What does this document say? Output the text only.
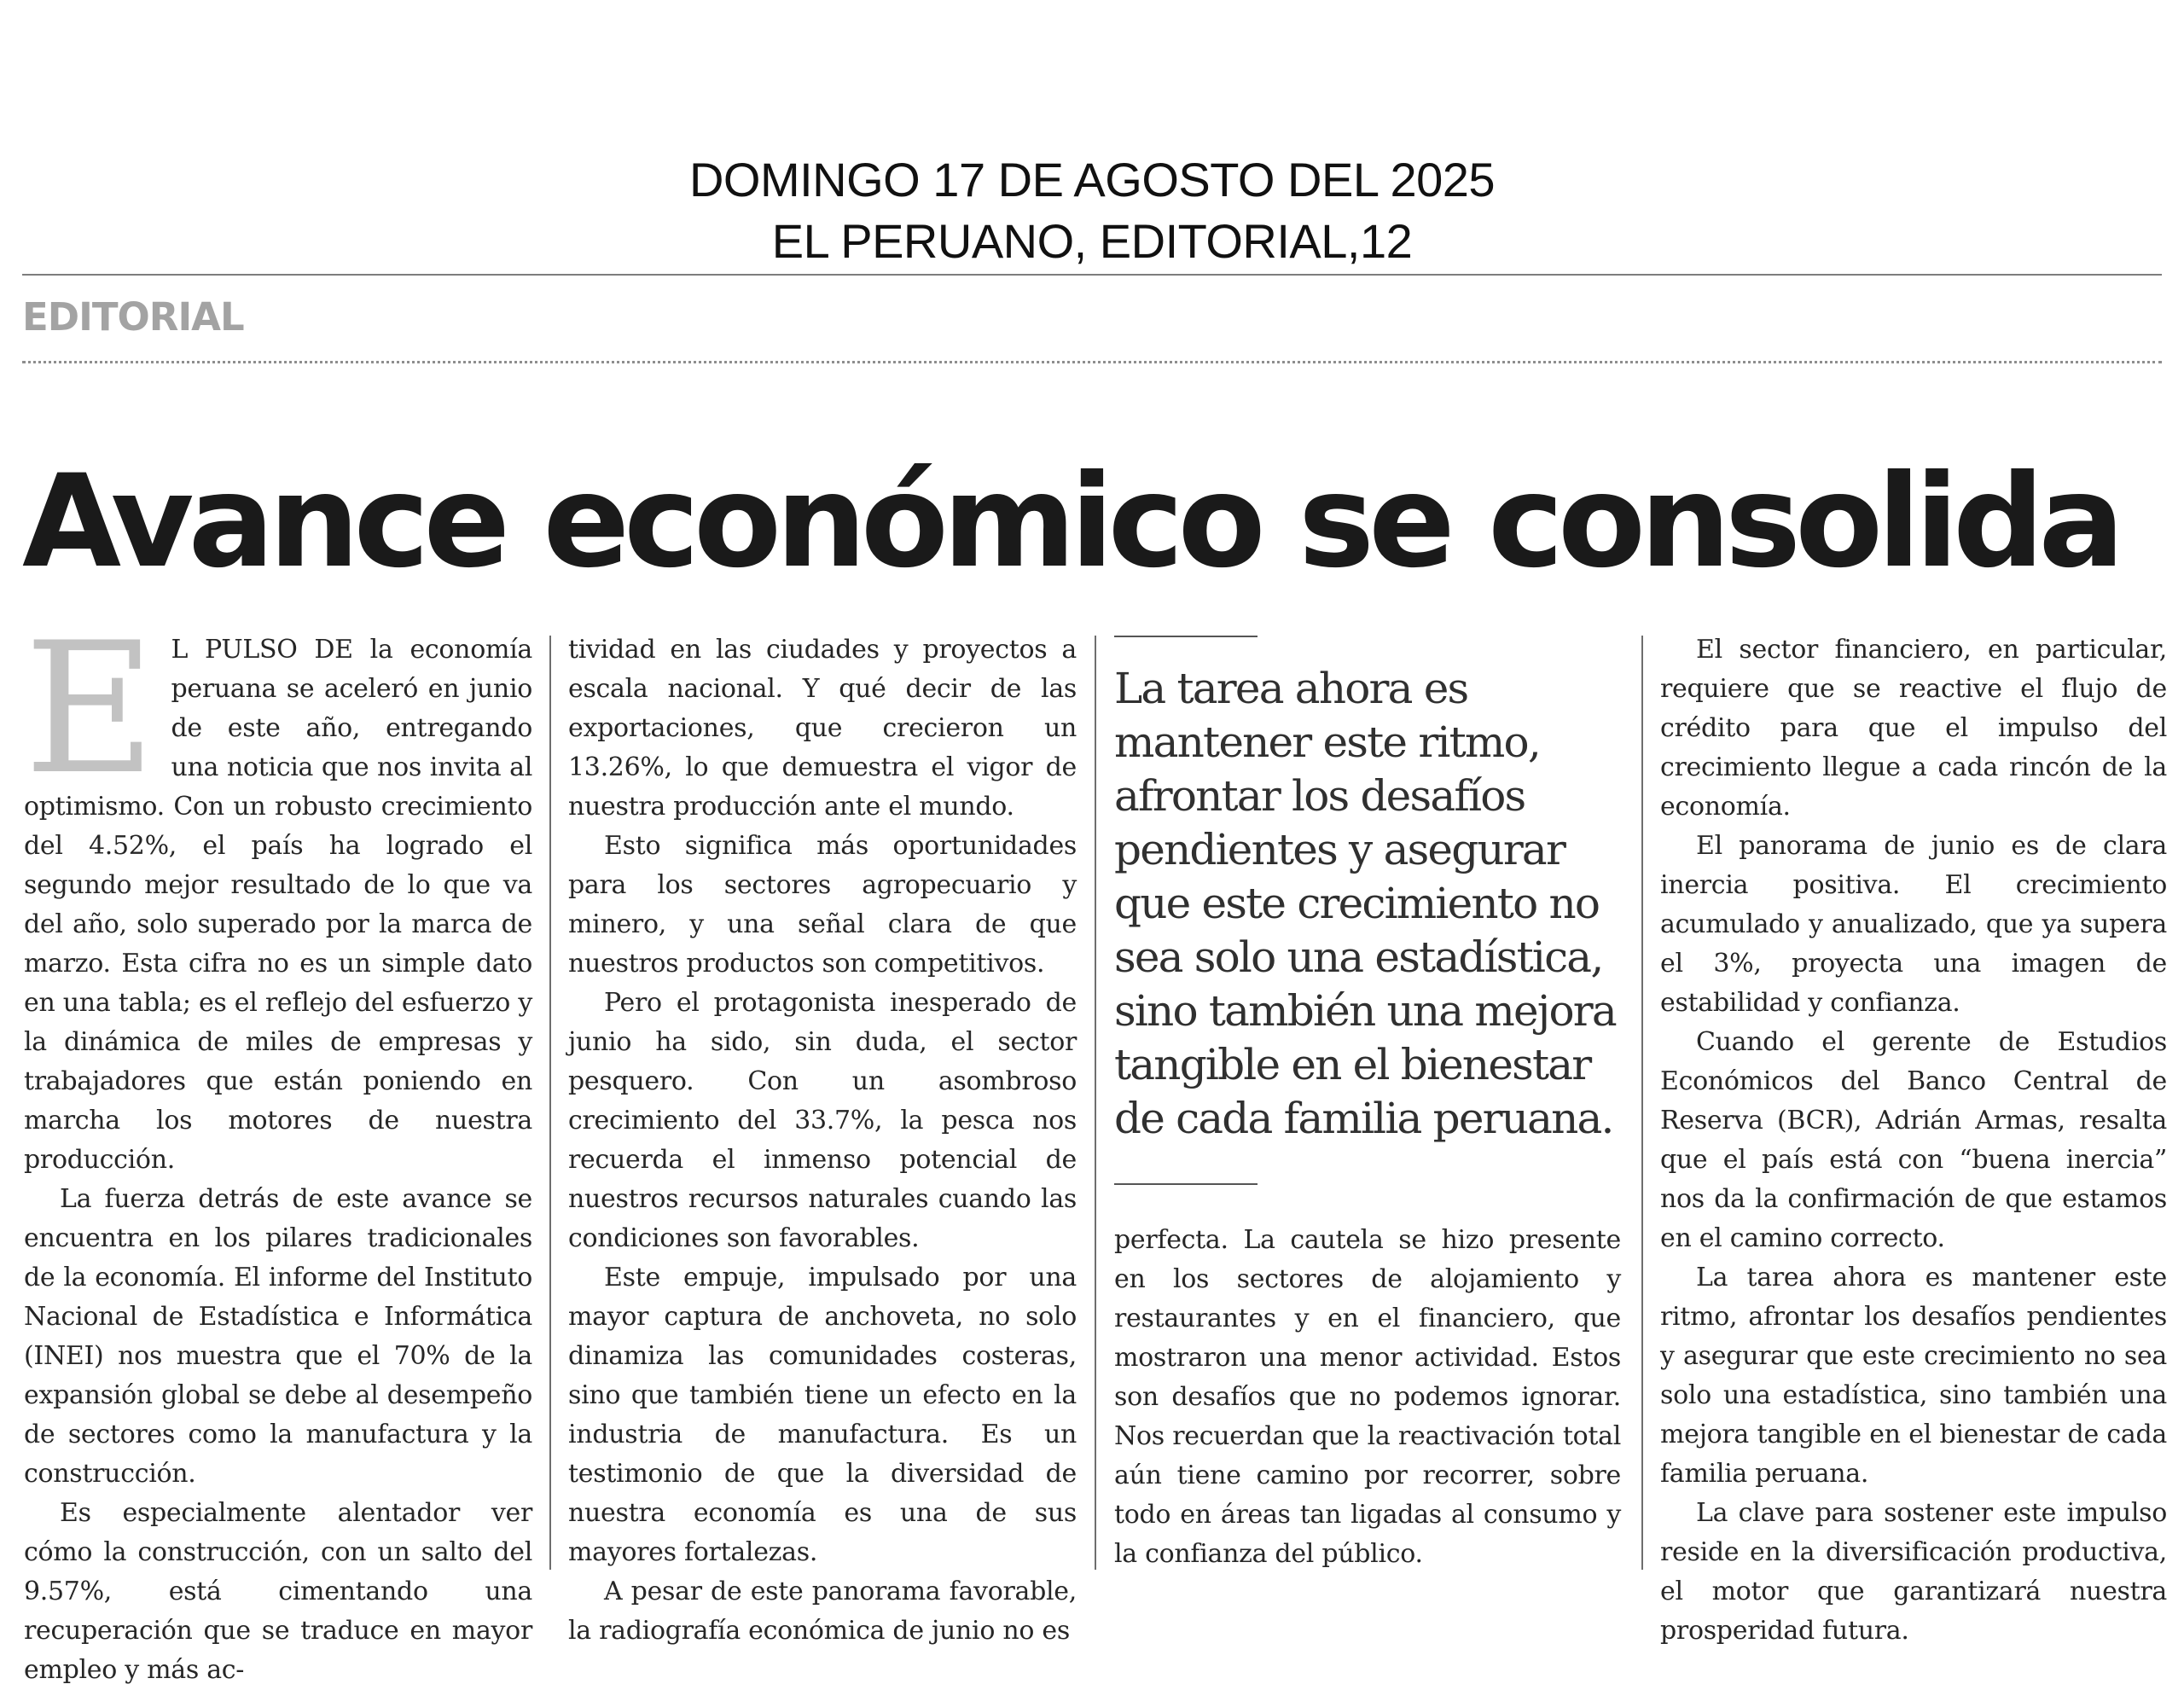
DOMINGO 17 DE AGOSTO DEL 2025
EL PERUANO, EDITORIAL,12
EDITORIAL
Avance económico se consolida
E L PULSO DE la economía peruana se aceleró en junio de este año, entregando una noticia que nos invita al optimismo. Con un robusto crecimiento del 4.52%, el país ha logrado el segundo mejor resultado de lo que va del año, solo superado por la marca de marzo. Esta cifra no es un simple dato en una tabla; es el reflejo del esfuerzo y la dinámica de miles de empresas y trabajadores que están poniendo en marcha los motores de nuestra producción.

La fuerza detrás de este avance se encuentra en los pilares tradicionales de la economía. El informe del Instituto Nacional de Estadística e Informática (INEI) nos muestra que el 70% de la expansión global se debe al desempeño de sectores como la manufactura y la construcción.

Es especialmente alentador ver cómo la construcción, con un salto del 9.57%, está cimentando una recuperación que se traduce en mayor empleo y más ac-

tividad en las ciudades y proyectos a escala nacional. Y qué decir de las exportaciones, que crecieron un 13.26%, lo que demuestra el vigor de nuestra producción ante el mundo.

Esto significa más oportunidades para los sectores agropecuario y minero, y una señal clara de que nuestros productos son competitivos.

Pero el protagonista inesperado de junio ha sido, sin duda, el sector pesquero. Con un asombroso crecimiento del 33.7%, la pesca nos recuerda el inmenso potencial de nuestros recursos naturales cuando las condiciones son favorables.

Este empuje, impulsado por una mayor captura de anchoveta, no solo dinamiza las comunidades costeras, sino que también tiene un efecto en la industria de manufactura. Es un testimonio de que la diversidad de nuestra economía es una de sus mayores fortalezas.

A pesar de este panorama favorable, la radiografía económica de junio no es

La tarea ahora es mantener este ritmo, afrontar los desafíos pendientes y asegurar que este crecimiento no sea solo una estadística, sino también una mejora tangible en el bienestar de cada familia peruana.

perfecta. La cautela se hizo presente en los sectores de alojamiento y restaurantes y en el financiero, que mostraron una menor actividad. Estos son desafíos que no podemos ignorar. Nos recuerdan que la reactivación total aún tiene camino por recorrer, sobre todo en áreas tan ligadas al consumo y la confianza del público.

El sector financiero, en particular, requiere que se reactive el flujo de crédito para que el impulso del crecimiento llegue a cada rincón de la economía.

El panorama de junio es de clara inercia positiva. El crecimiento acumulado y anualizado, que ya supera el 3%, proyecta una imagen de estabilidad y confianza.

Cuando el gerente de Estudios Económicos del Banco Central de Reserva (BCR), Adrián Armas, resalta que el país está con “buena inercia” nos da la confirmación de que estamos en el camino correcto.

La tarea ahora es mantener este ritmo, afrontar los desafíos pendientes y asegurar que este crecimiento no sea solo una estadística, sino también una mejora tangible en el bienestar de cada familia peruana.

La clave para sostener este impulso reside en la diversificación productiva, el motor que garantizará nuestra prosperidad futura.
